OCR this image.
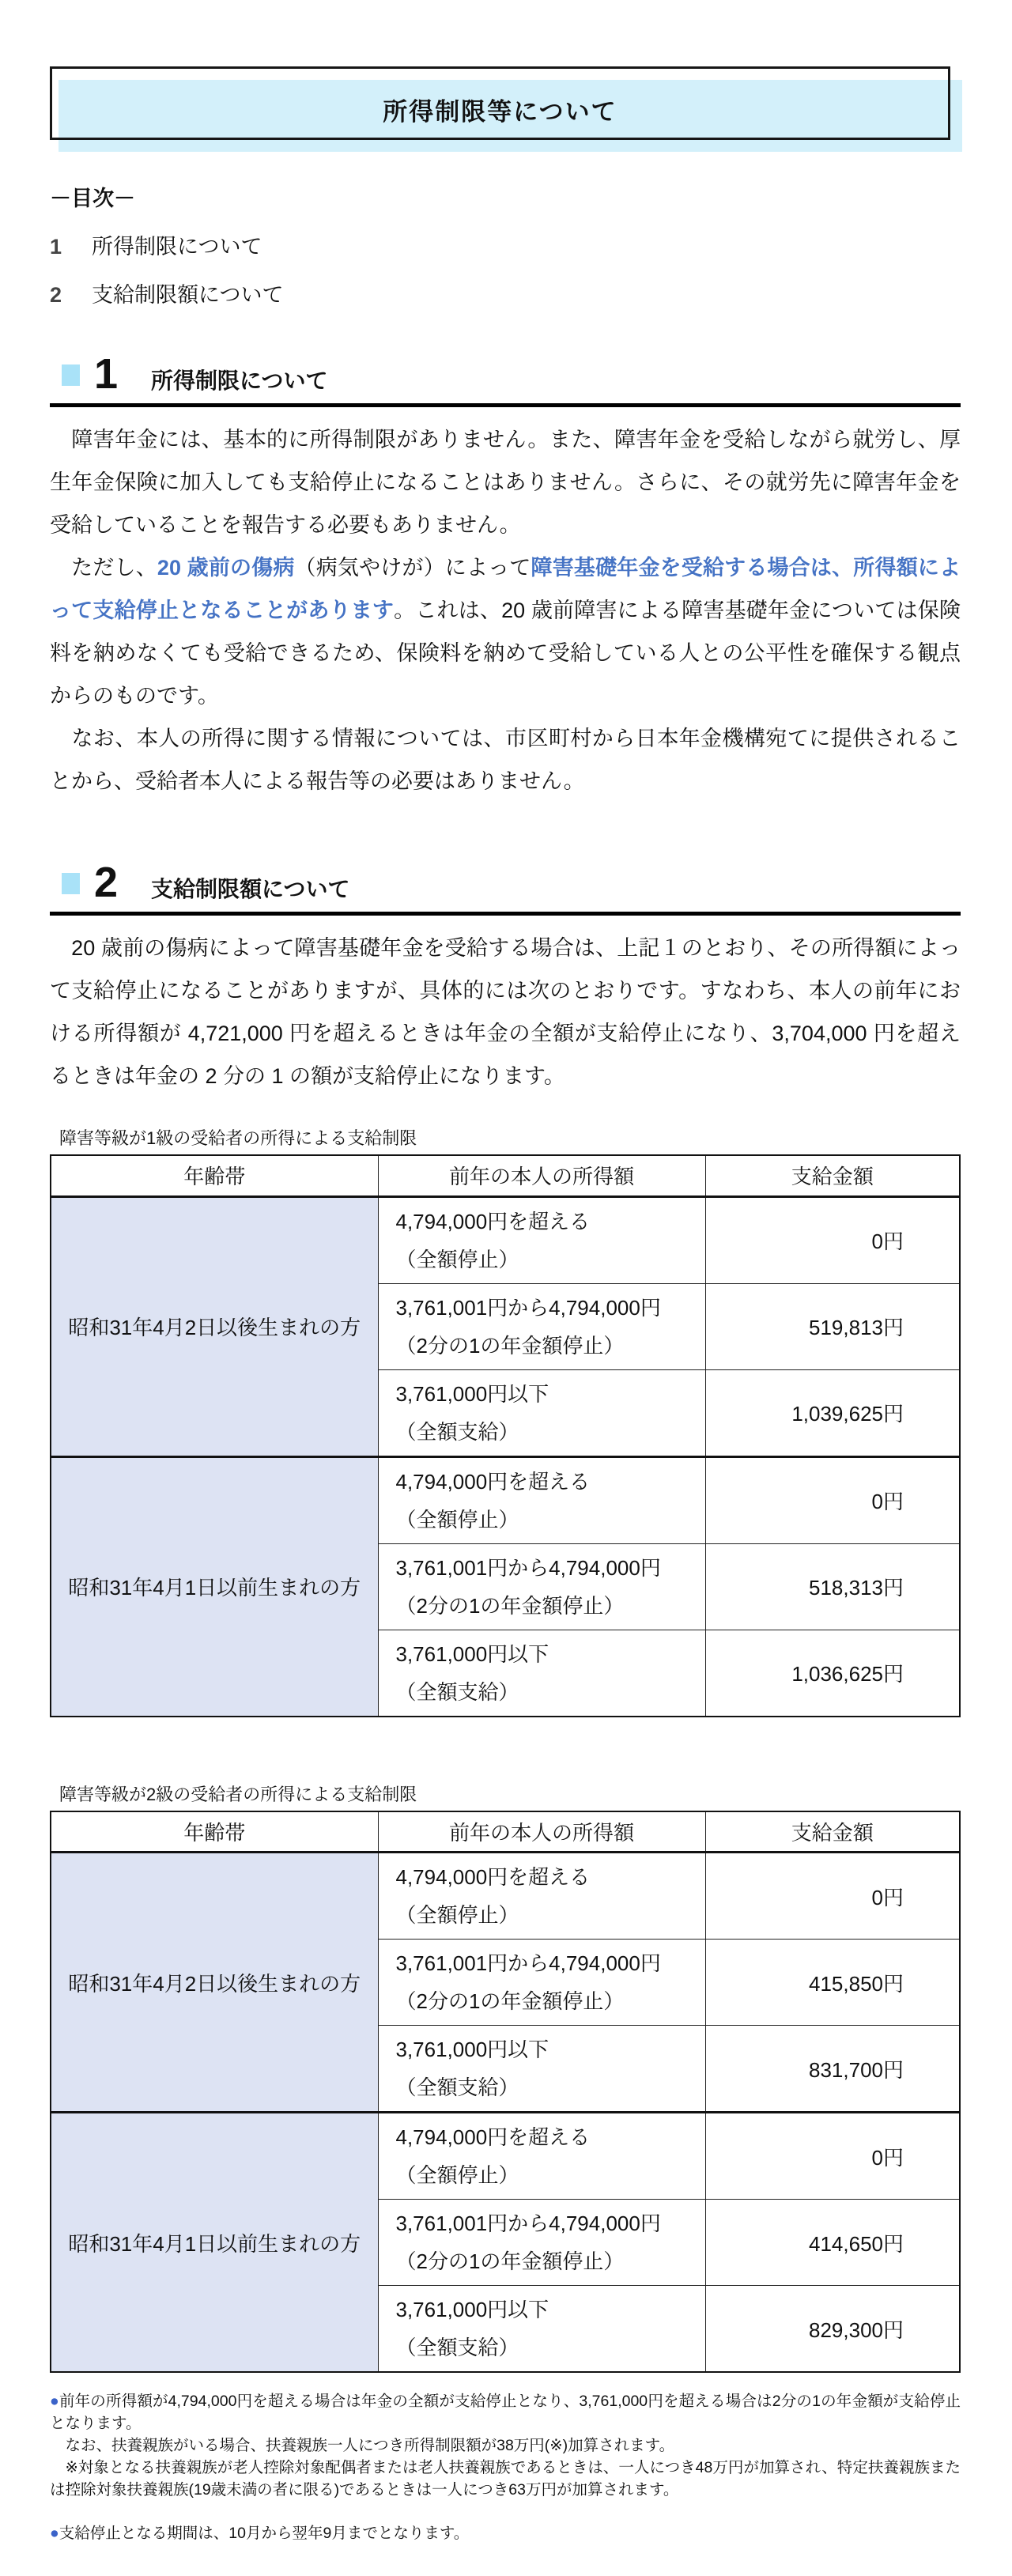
所得制限等について
－目次－
1	所得制限について
2	支給制限額について
1 所得制限について

　障害年金には、基本的に所得制限がありません。また、障害年金を受給しながら就労し、厚生年金保険に加入しても支給停止になることはありません。さらに、その就労先に障害年金を受給していることを報告する必要もありません。

　ただし、20 歳前の傷病（病気やけが）によって障害基礎年金を受給する場合は、所得額によって支給停止となることがあります。これは、20 歳前障害による障害基礎年金については保険料を納めなくても受給できるため、保険料を納めて受給している人との公平性を確保する観点からのものです。

　なお、本人の所得に関する情報については、市区町村から日本年金機構宛てに提供されることから、受給者本人による報告等の必要はありません。

2 支給制限額について

　20 歳前の傷病によって障害基礎年金を受給する場合は、上記１のとおり、その所得額によって支給停止になることがありますが、具体的には次のとおりです。すなわち、本人の前年における所得額が 4,721,000 円を超えるときは年金の全額が支給停止になり、3,704,000 円を超えるときは年金の 2 分の 1 の額が支給停止になります。

障害等級が1級の受給者の所得による支給制限
年齢帯	前年の本人の所得額	支給金額
昭和31年4月2日以後生まれの方	4,794,000円を超える
（全額停止）	0円

	3,761,001円から4,794,000円
（2分の1の年金額停止）	519,813円

	3,761,000円以下
（全額支給）	1,039,625円
昭和31年4月1日以前生まれの方	4,794,000円を超える
（全額停止）	0円

	3,761,001円から4,794,000円
（2分の1の年金額停止）	518,313円

	3,761,000円以下
（全額支給）	1,036,625円
障害等級が2級の受給者の所得による支給制限
年齢帯	前年の本人の所得額	支給金額
昭和31年4月2日以後生まれの方	4,794,000円を超える
（全額停止）	0円

	3,761,001円から4,794,000円
（2分の1の年金額停止）	415,850円

	3,761,000円以下
（全額支給）	831,700円
昭和31年4月1日以前生まれの方	4,794,000円を超える
（全額停止）	0円

	3,761,001円から4,794,000円
（2分の1の年金額停止）	414,650円

	3,761,000円以下
（全額支給）	829,300円

●前年の所得額が4,794,000円を超える場合は年金の全額が支給停止となり、3,761,000円を超える場合は2分の1の年金額が支給停止となります。

　なお、扶養親族がいる場合、扶養親族一人につき所得制限額が38万円(※)加算されます。

　※対象となる扶養親族が老人控除対象配偶者または老人扶養親族であるときは、一人につき48万円が加算され、特定扶養親族または控除対象扶養親族(19歳未満の者に限る)であるときは一人につき63万円が加算されます。

●支給停止となる期間は、10月から翌年9月までとなります。
